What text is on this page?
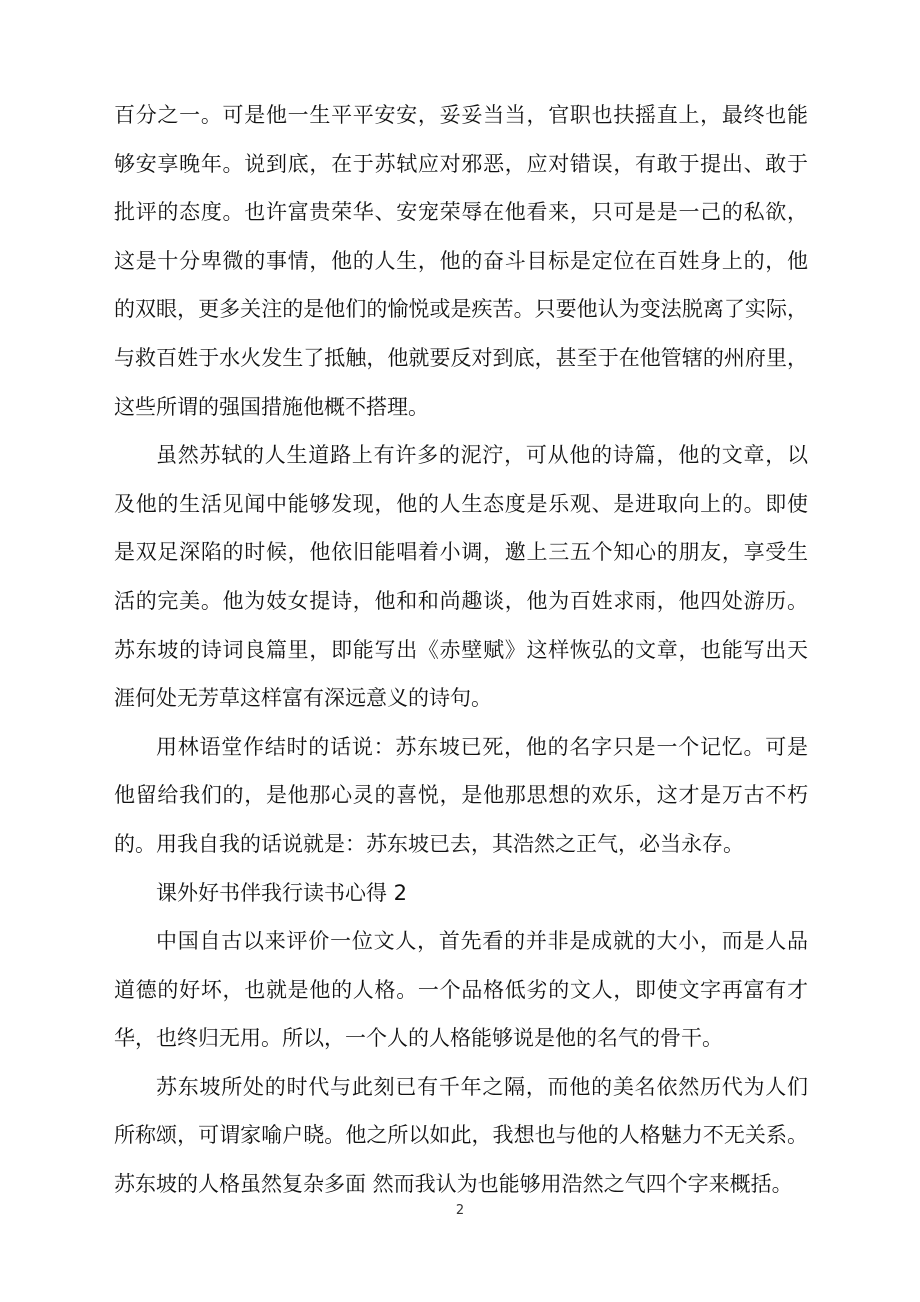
百分之一。可是他一生平平安安，妥妥当当，官职也扶摇直上，最终也能
够安享晚年。说到底，在于苏轼应对邪恶，应对错误，有敢于提出、敢于
批评的态度。也许富贵荣华、安宠荣辱在他看来，只可是是一己的私欲，
这是十分卑微的事情，他的人生，他的奋斗目标是定位在百姓身上的，他
的双眼，更多关注的是他们的愉悦或是疾苦。只要他认为变法脱离了实际，
与救百姓于水火发生了抵触，他就要反对到底，甚至于在他管辖的州府里，
这些所谓的强国措施他概不搭理。
虽然苏轼的人生道路上有许多的泥泞，可从他的诗篇，他的文章，以
及他的生活见闻中能够发现，他的人生态度是乐观、是进取向上的。即使
是双足深陷的时候，他依旧能唱着小调，邀上三五个知心的朋友，享受生
活的完美。他为妓女提诗，他和和尚趣谈，他为百姓求雨，他四处游历。
苏东坡的诗词良篇里，即能写出《赤壁赋》这样恢弘的文章，也能写出天
涯何处无芳草这样富有深远意义的诗句。
用林语堂作结时的话说：苏东坡已死，他的名字只是一个记忆。可是
他留给我们的，是他那心灵的喜悦，是他那思想的欢乐，这才是万古不朽
的。用我自我的话说就是：苏东坡已去，其浩然之正气，必当永存。
课外好书伴我行读书心得 2
中国自古以来评价一位文人，首先看的并非是成就的大小，而是人品
道德的好坏，也就是他的人格。一个品格低劣的文人，即使文字再富有才
华，也终归无用。所以，一个人的人格能够说是他的名气的骨干。
苏东坡所处的时代与此刻已有千年之隔，而他的美名依然历代为人们
所称颂，可谓家喻户晓。他之所以如此，我想也与他的人格魅力不无关系。
苏东坡的人格虽然复杂多面 然而我认为也能够用浩然之气四个字来概括。
2
